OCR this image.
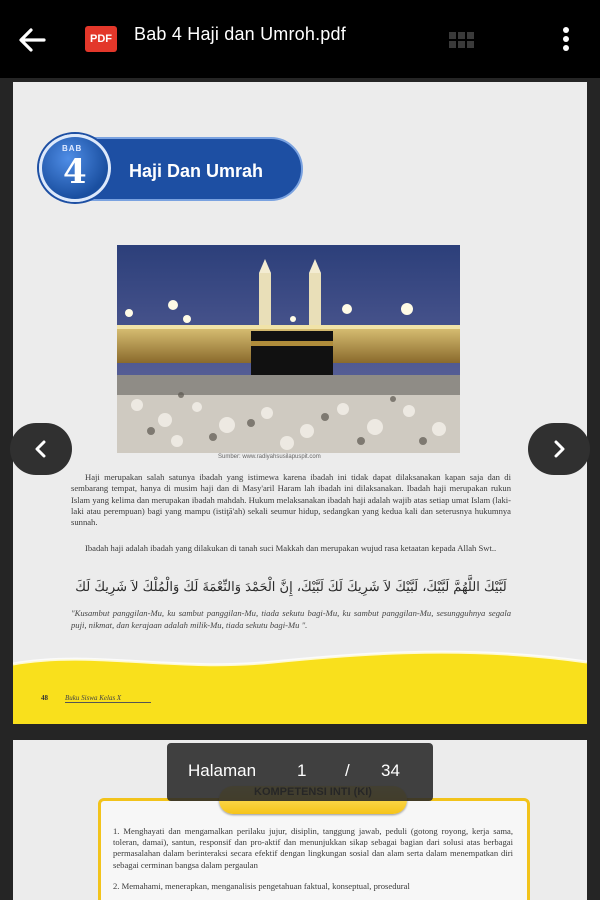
PDF Bab 4 Haji dan Umroh.pdf
BAB
4 Haji Dan Umrah
Sumber: www.radiyahsusilapuspit.com
Haji merupakan salah satunya ibadah yang istimewa karena ibadah ini tidak dapat dilaksanakan kapan saja dan di sembarang tempat, hanya di musim haji dan di Masy'aril Haram lah ibadah ini dilaksanakan. Ibadah haji merupakan rukun Islam yang kelima dan merupakan ibadah mahdah. Hukum melaksanakan ibadah haji adalah wajib atas setiap umat Islam (laki-laki atau perempuan) bagi yang mampu (istiţā'ah) sekali seumur hidup, sedangkan yang kedua kali dan seterusnya hukumnya sunnah.
Ibadah haji adalah ibadah yang dilakukan di tanah suci Makkah dan merupakan wujud rasa ketaatan kepada Allah Swt..
لَبَّيْكَ اللَّهُمَّ لَبَّيْكَ، لَبَّيْكَ لاَ شَرِيكَ لَكَ لَبَّيْكَ، إِنَّ الْحَمْدَ وَالنِّعْمَةَ لَكَ وَالْمُلْكَ لاَ شَرِيكَ لَكَ
"Kusambut panggilan-Mu, ku sambut panggilan-Mu, tiada sekutu bagi-Mu, ku sambut panggilan-Mu, sesungguhnya segala puji, nikmat, dan kerajaan adalah milik-Mu, tiada sekutu bagi-Mu ".
48 Buku Siswa Kelas X
1. Menghayati dan mengamalkan perilaku jujur, disiplin, tanggung jawab, peduli (gotong royong, kerja sama, toleran, damai), santun, responsif dan pro-aktif dan menunjukkan sikap sebagai bagian dari solusi atas berbagai permasalahan dalam berinteraksi secara efektif dengan lingkungan sosial dan alam serta dalam menempatkan diri sebagai cerminan bangsa dalam pergaulan
2. Memahami, menerapkan, menganalisis pengetahuan faktual, konseptual, prosedural
Halaman 1 / 34
